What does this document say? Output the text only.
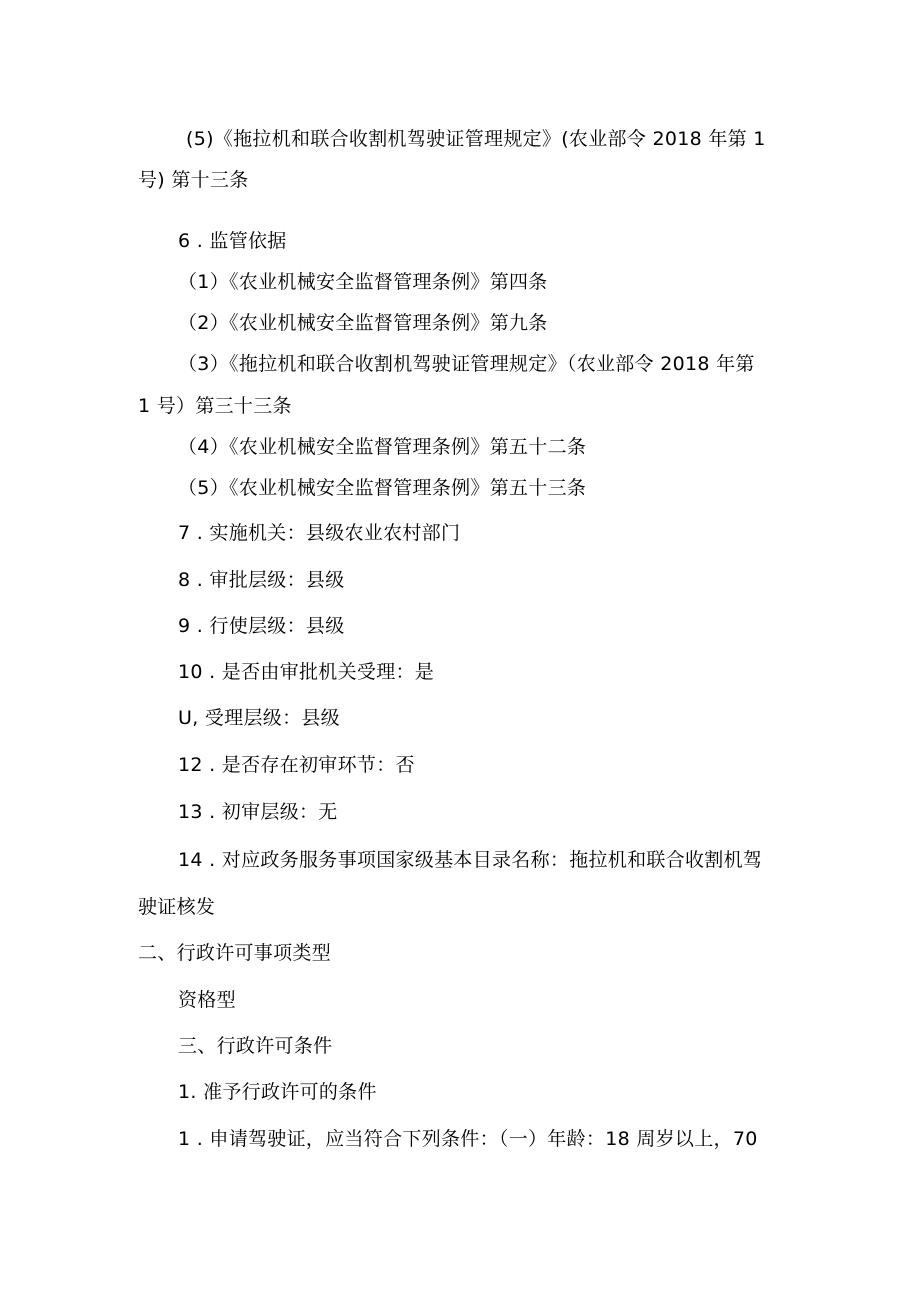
(5)《拖拉机和联合收割机驾驶证管理规定》(农业部令 2018 年第 1
号) 第十三条
6 . 监管依据
（1）《农业机械安全监督管理条例》第四条
（2）《农业机械安全监督管理条例》第九条
（3）《拖拉机和联合收割机驾驶证管理规定》（农业部令 2018 年第
1 号）第三十三条
（4）《农业机械安全监督管理条例》第五十二条
（5）《农业机械安全监督管理条例》第五十三条
7 . 实施机关：县级农业农村部门
8 . 审批层级：县级
9 . 行使层级：县级
10 . 是否由审批机关受理：是
U, 受理层级：县级
12 . 是否存在初审环节：否
13 . 初审层级：无
14 . 对应政务服务事项国家级基本目录名称：拖拉机和联合收割机驾
驶证核发
二、行政许可事项类型
资格型
三、行政许可条件
1. 准予行政许可的条件
1 . 申请驾驶证，应当符合下列条件：（一）年龄：18 周岁以上，70
